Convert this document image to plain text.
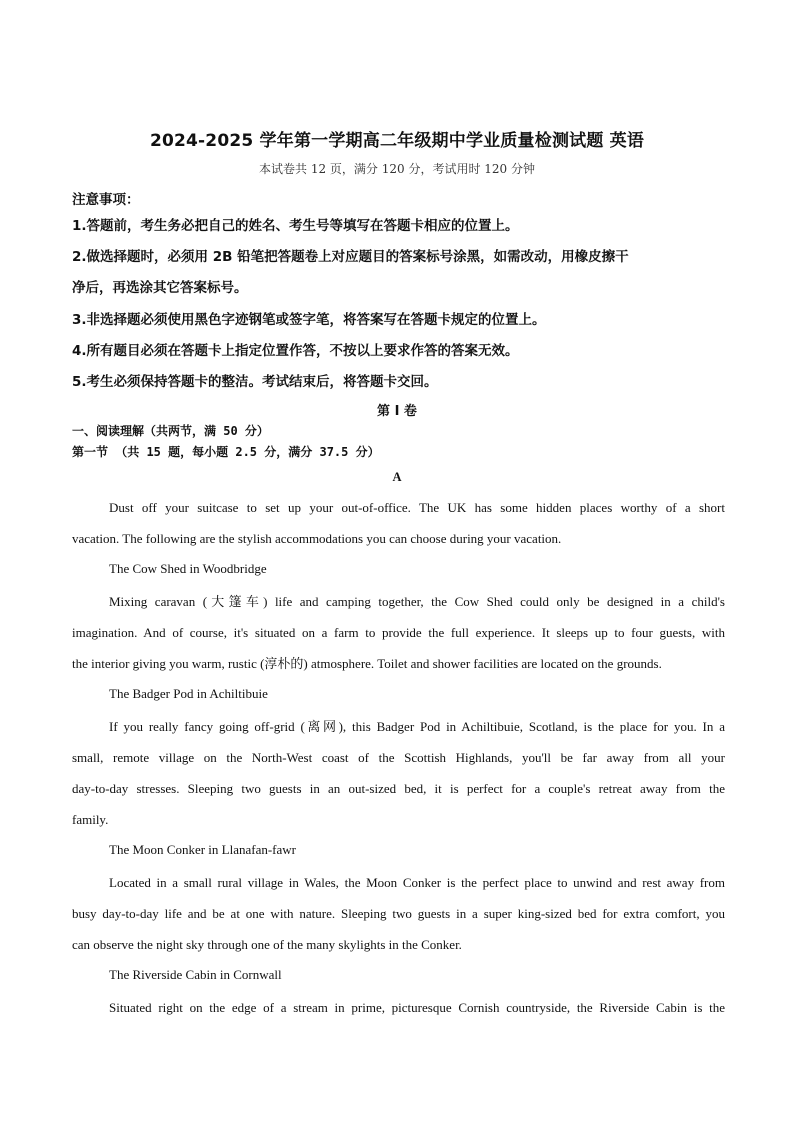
2024-2025 学年第一学期高二年级期中学业质量检测试题 英语
本试卷共 12 页，满分 120 分，考试用时 120 分钟
注意事项：
1.答题前，考生务必把自己的姓名、考生号等填写在答题卡相应的位置上。
2.做选择题时，必须用 2B 铅笔把答题卷上对应题目的答案标号涂黑，如需改动，用橡皮擦干
净后，再选涂其它答案标号。
3.非选择题必须使用黑色字迹钢笔或签字笔，将答案写在答题卡规定的位置上。
4.所有题目必须在答题卡上指定位置作答，不按以上要求作答的答案无效。
5.考生必须保持答题卡的整洁。考试结束后，将答题卡交回。
第 I 卷
一、阅读理解（共两节，满 50 分）
第一节 （共 15 题，每小题 2.5 分，满分 37.5 分）
A
Dust off your suitcase to set up your out-of-office. The UK has some hidden places worthy of a short
vacation. The following are the stylish accommodations you can choose during your vacation.
The Cow Shed in Woodbridge
Mixing caravan (大篷车) life and camping together, the Cow Shed could only be designed in a child's
imagination. And of course, it's situated on a farm to provide the full experience. It sleeps up to four guests, with
the interior giving you warm, rustic (淳朴的) atmosphere. Toilet and shower facilities are located on the grounds.
The Badger Pod in Achiltibuie
If you really fancy going off-grid (离网), this Badger Pod in Achiltibuie, Scotland, is the place for you. In a
small, remote village on the North-West coast of the Scottish Highlands, you'll be far away from all your
day-to-day stresses. Sleeping two guests in an out-sized bed, it is perfect for a couple's retreat away from the
family.
The Moon Conker in Llanafan-fawr
Located in a small rural village in Wales, the Moon Conker is the perfect place to unwind and rest away from
busy day-to-day life and be at one with nature. Sleeping two guests in a super king-sized bed for extra comfort, you
can observe the night sky through one of the many skylights in the Conker.
The Riverside Cabin in Cornwall
Situated right on the edge of a stream in prime, picturesque Cornish countryside, the Riverside Cabin is the
